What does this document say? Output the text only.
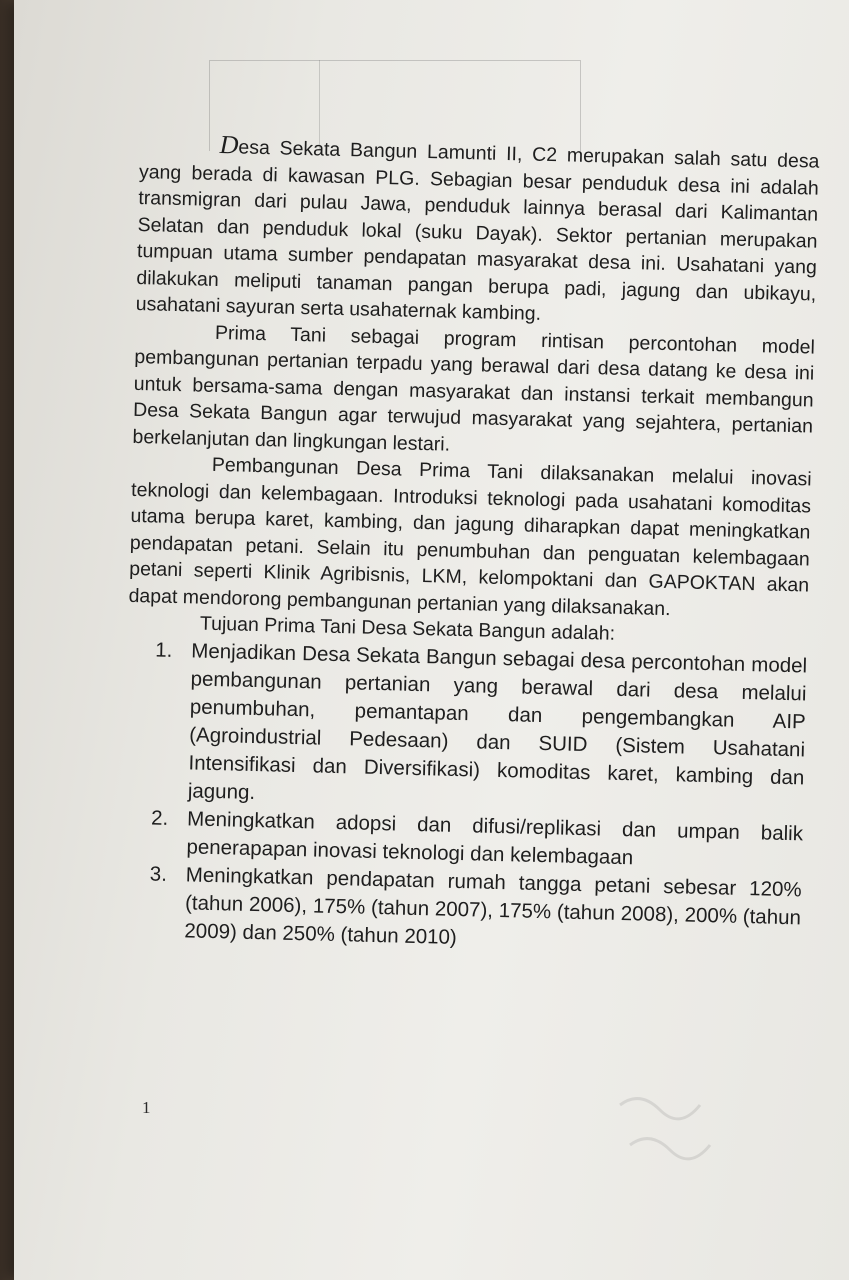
Desa Sekata Bangun Lamunti II, C2 merupakan salah satu desa yang berada di kawasan PLG. Sebagian besar penduduk desa ini adalah transmigran dari pulau Jawa, penduduk lainnya berasal dari Kalimantan Selatan dan penduduk lokal (suku Dayak). Sektor pertanian merupakan tumpuan utama sumber pendapatan masyarakat desa ini. Usahatani yang dilakukan meliputi tanaman pangan berupa padi, jagung dan ubikayu, usahatani sayuran serta usahaternak kambing.

Prima Tani sebagai program rintisan percontohan model pembangunan pertanian terpadu yang berawal dari desa datang ke desa ini untuk bersama-sama dengan masyarakat dan instansi terkait membangun Desa Sekata Bangun agar terwujud masyarakat yang sejahtera, pertanian berkelanjutan dan lingkungan lestari.

Pembangunan Desa Prima Tani dilaksanakan melalui inovasi teknologi dan kelembagaan. Introduksi teknologi pada usahatani komoditas utama berupa karet, kambing, dan jagung diharapkan dapat meningkatkan pendapatan petani. Selain itu penumbuhan dan penguatan kelembagaan petani seperti Klinik Agribisnis, LKM, kelompoktani dan GAPOKTAN akan dapat mendorong pembangunan pertanian yang dilaksanakan.

Tujuan Prima Tani Desa Sekata Bangun adalah:

1. Menjadikan Desa Sekata Bangun sebagai desa percontohan model pembangunan pertanian yang berawal dari desa melalui penumbuhan, pemantapan dan pengembangkan AIP (Agroindustrial Pedesaan) dan SUID (Sistem Usahatani Intensifikasi dan Diversifikasi) komoditas karet, kambing dan jagung.
2. Meningkatkan adopsi dan difusi/replikasi dan umpan balik penerapapan inovasi teknologi dan kelembagaan
3. Meningkatkan pendapatan rumah tangga petani sebesar 120% (tahun 2006), 175% (tahun 2007), 175% (tahun 2008), 200% (tahun 2009) dan 250% (tahun 2010)
1
